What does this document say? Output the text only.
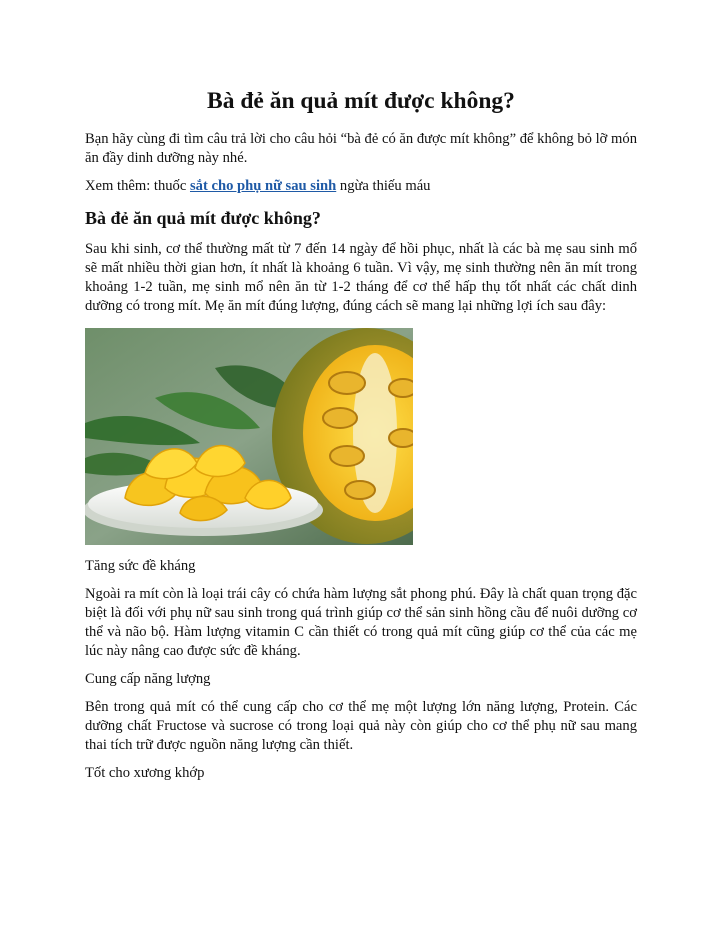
Bà đẻ ăn quả mít được không?

Bạn hãy cùng đi tìm câu trả lời cho câu hỏi “bà đẻ có ăn được mít không” để không bỏ lỡ món ăn đầy dinh dưỡng này nhé.

Xem thêm: thuốc sắt cho phụ nữ sau sinh ngừa thiếu máu

Bà đẻ ăn quả mít được không?

Sau khi sinh, cơ thể thường mất từ 7 đến 14 ngày để hồi phục, nhất là các bà mẹ sau sinh mổ sẽ mất nhiều thời gian hơn, ít nhất là khoảng 6 tuần. Vì vậy, mẹ sinh thường nên ăn mít trong khoảng 1-2 tuần, mẹ sinh mổ nên ăn từ 1-2 tháng để cơ thể hấp thụ tốt nhất các chất dinh dưỡng có trong mít. Mẹ ăn mít đúng lượng, đúng cách sẽ mang lại những lợi ích sau đây:

Tăng sức đề kháng

Ngoài ra mít còn là loại trái cây có chứa hàm lượng sắt phong phú. Đây là chất quan trọng đặc biệt là đối với phụ nữ sau sinh trong quá trình giúp cơ thể sản sinh hồng cầu để nuôi dưỡng cơ thể và não bộ. Hàm lượng vitamin C cần thiết có trong quả mít cũng giúp cơ thể của các mẹ lúc này nâng cao được sức đề kháng.

Cung cấp năng lượng

Bên trong quả mít có thể cung cấp cho cơ thể mẹ một lượng lớn năng lượng, Protein. Các dưỡng chất Fructose và sucrose có trong loại quả này còn giúp cho cơ thể phụ nữ sau mang thai tích trữ được nguồn năng lượng cần thiết.

Tốt cho xương khớp
